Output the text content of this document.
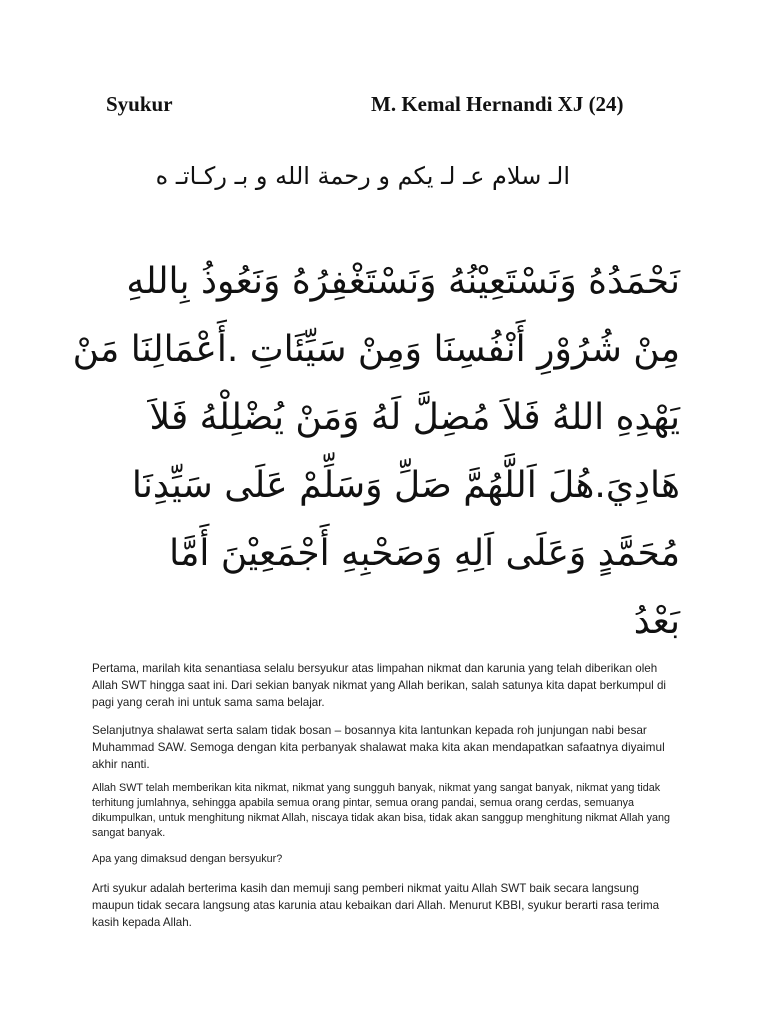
Syukur	M. Kemal Hernandi XJ (24)
الـ سلام عـ لـ يكم و رحمة الله و بـ ركـاتـ ه
نَحْمَدُهُ وَنَسْتَعِيْنُهُ وَنَسْتَغْفِرُهُ وَنَعُوذُ بِاللهِ
مِنْ شُرُوْرِ أَنْفُسِنَا وَمِنْ سَيِّئَاتِ .أَعْمَالِنَا مَنْ
يَهْدِهِ اللهُ فَلاَ مُضِلَّ لَهُ وَمَنْ يُضْلِلْهُ فَلاَ
هَادِيَ.هُلَ اَللَّهُمَّ صَلِّ وَسَلِّمْ عَلَى سَيِّدِنَا
مُحَمَّدٍ وَعَلَى اَلِهِ وَصَحْبِهِ أَجْمَعِيْنَ أَمَّا
بَعْدُ
Pertama, marilah kita senantiasa selalu bersyukur atas limpahan nikmat dan karunia yang telah diberikan oleh Allah SWT hingga saat ini. Dari sekian banyak nikmat yang Allah berikan, salah satunya kita dapat berkumpul di pagi yang cerah ini untuk sama sama belajar.
Selanjutnya shalawat serta salam tidak bosan – bosannya kita lantunkan kepada roh junjungan nabi besar Muhammad SAW. Semoga dengan kita perbanyak shalawat maka kita akan mendapatkan safaatnya diyaimul akhir nanti.
Allah SWT telah memberikan kita nikmat, nikmat yang sungguh banyak, nikmat yang sangat banyak, nikmat yang tidak terhitung jumlahnya, sehingga apabila semua orang pintar, semua orang pandai, semua orang cerdas, semuanya dikumpulkan, untuk menghitung nikmat Allah, niscaya tidak akan bisa, tidak akan sanggup menghitung nikmat Allah yang sangat banyak.
Apa yang dimaksud dengan bersyukur?
Arti syukur adalah berterima kasih dan memuji sang pemberi nikmat yaitu Allah SWT baik secara langsung maupun tidak secara langsung atas karunia atau kebaikan dari Allah. Menurut KBBI, syukur berarti rasa terima kasih kepada Allah.
